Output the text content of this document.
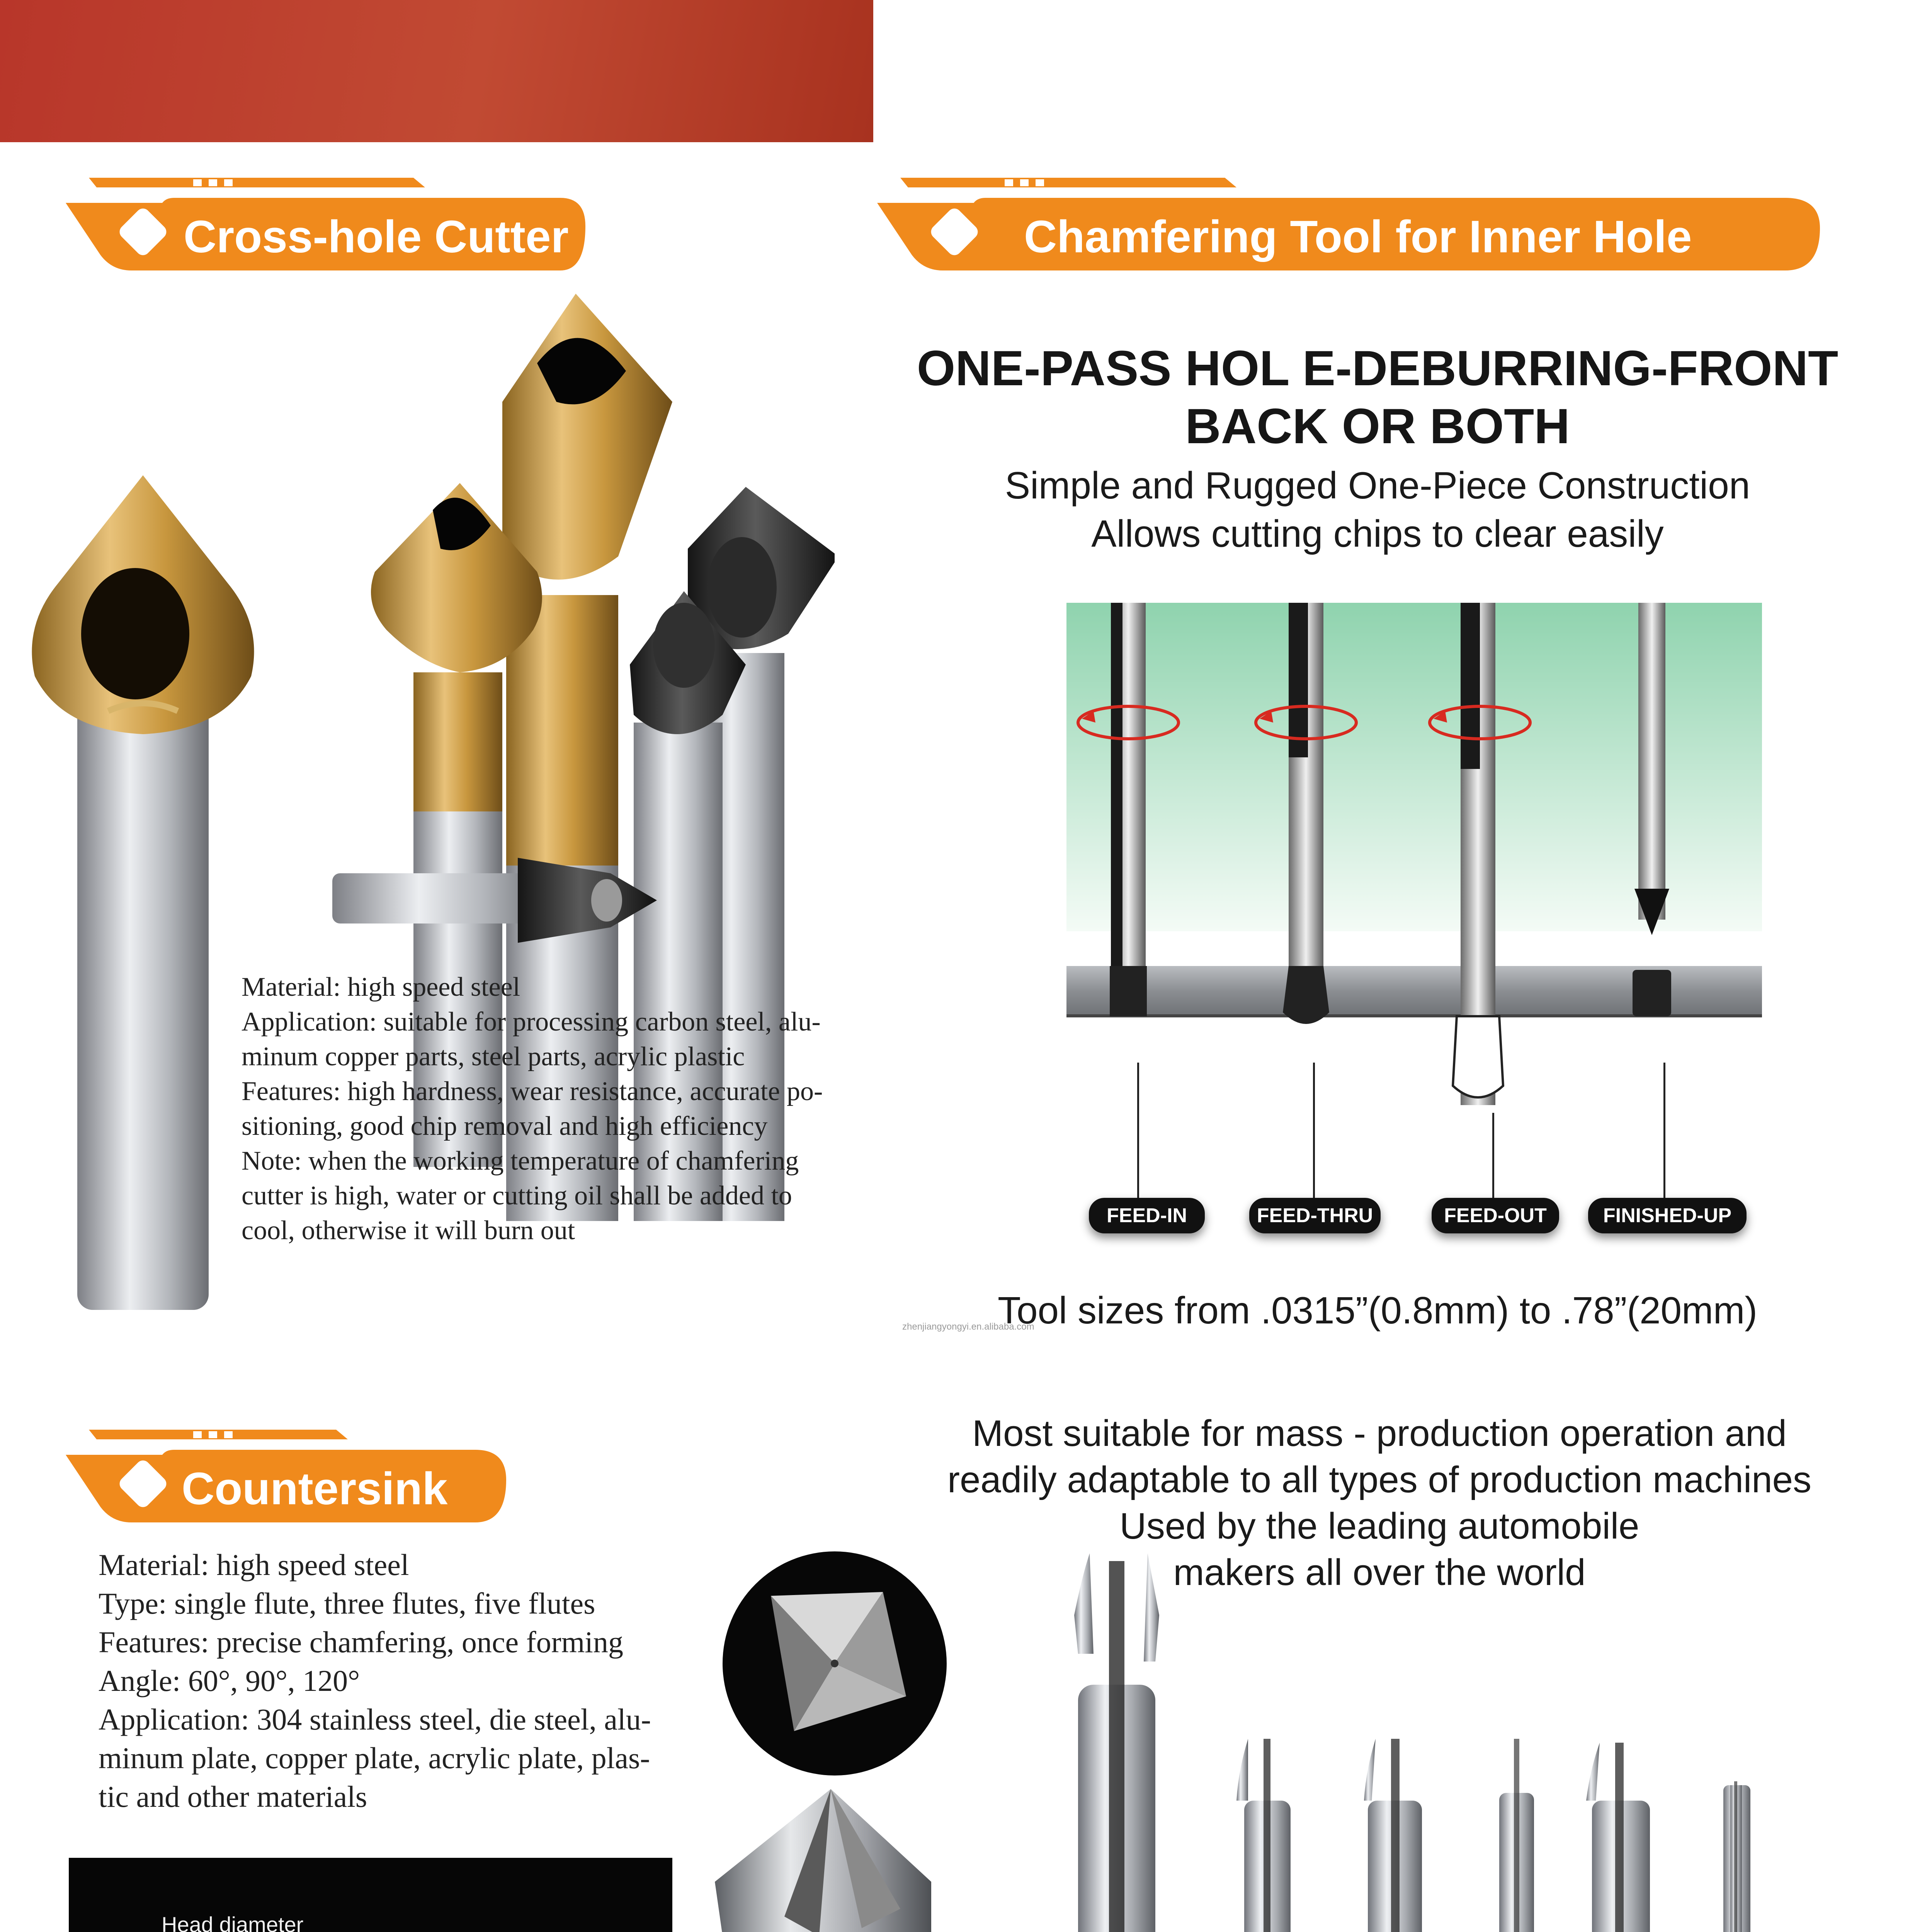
Cross-hole Cutter	Chamfering Tool for Inner Hole
Countersink
Material: high speed steel
Application: suitable for processing carbon steel, alu-
minum copper parts, steel parts, acrylic plastic
Features: high hardness, wear resistance, accurate po-
sitioning, good chip removal and high efficiency
Note: when the working temperature of chamfering
cutter is high, water or cutting oil shall be added to
cool, otherwise it will burn out
ONE-PASS HOL E-DEBURRING-FRONT
BACK OR BOTH
Simple and Rugged One-Piece Construction
Allows cutting chips to clear easily
FEED-IN	FEED-THRU	FEED-OUT	FINISHED-UP
zhenjiangyongyi.en.alibaba.com
Tool sizes from .0315”(0.8mm) to .78”(20mm)
Most suitable for mass - production operation and
readily adaptable to all types of production machines
Used by the leading automobile
makers all over the world
Material: high speed steel
Type: single flute, three flutes, five flutes
Features: precise chamfering, once forming
Angle: 60°, 90°, 120°
Application: 304 stainless steel, die steel, alu-
minum plate, copper plate, acrylic plate, plas-
tic and other materials
Head diameter
